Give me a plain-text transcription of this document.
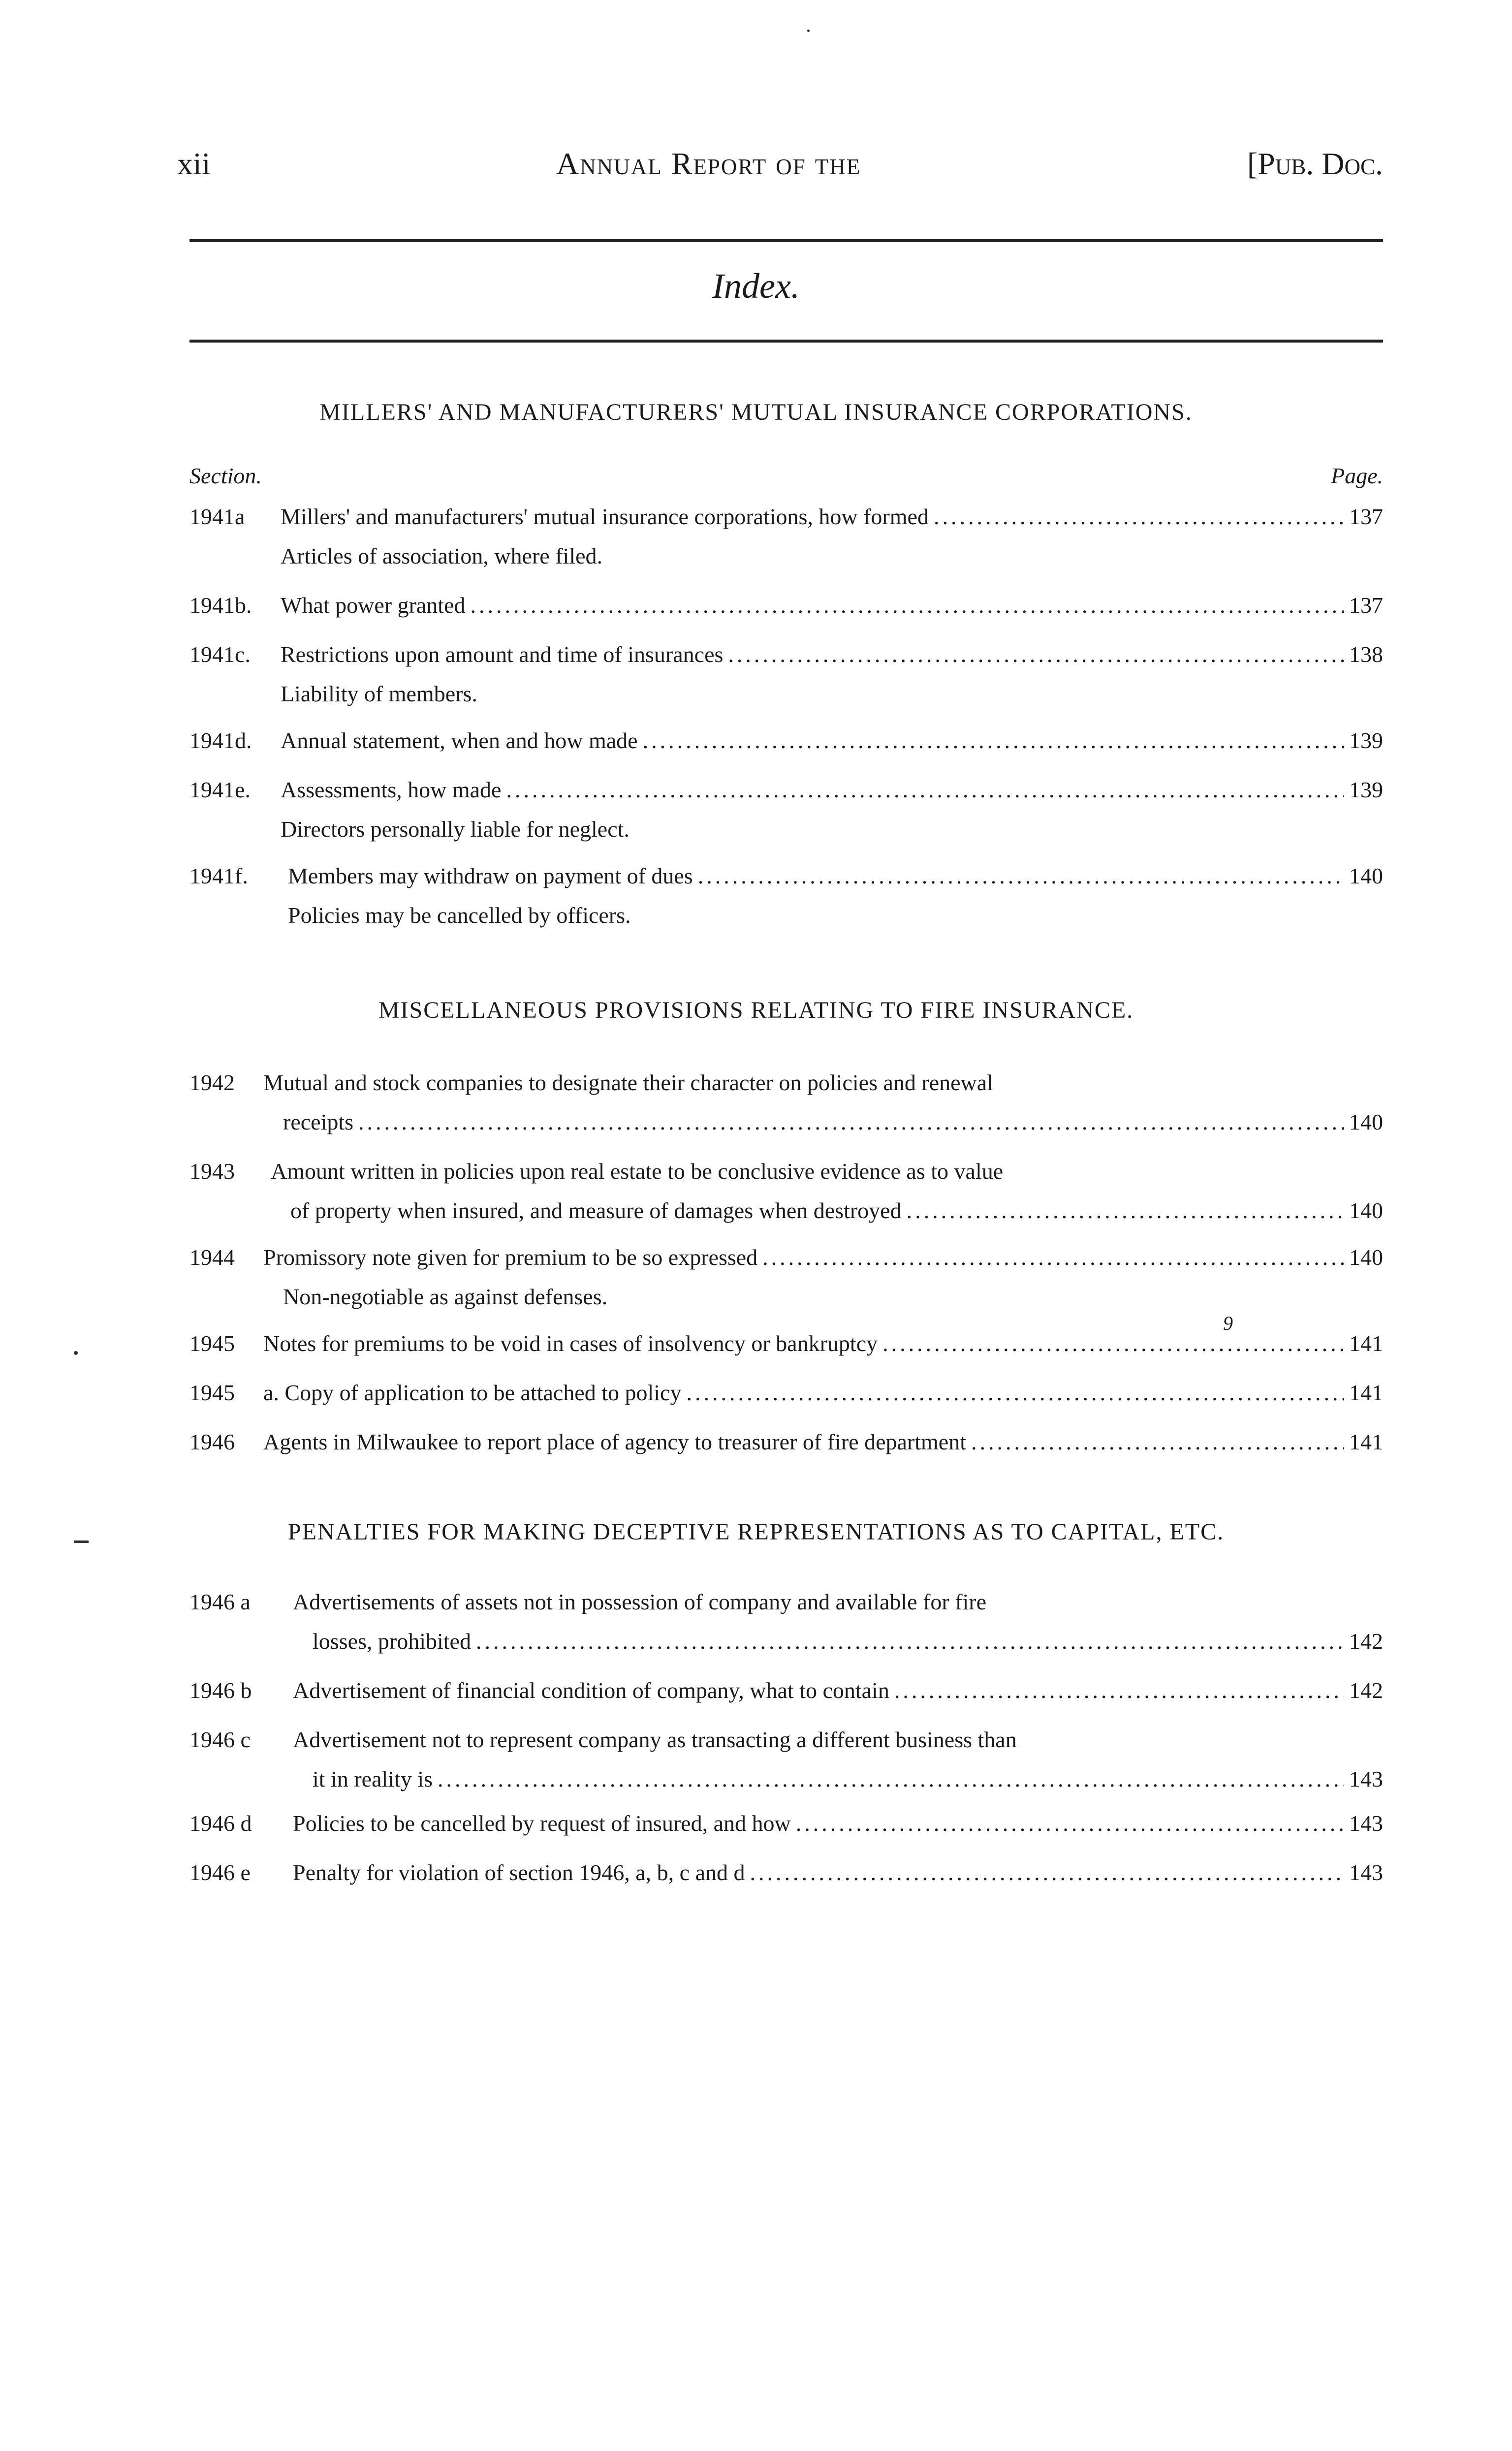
xii	Annual Report of the	[Pub. Doc.
Index.
MILLERS' AND MANUFACTURERS' MUTUAL INSURANCE CORPORATIONS.
Section.	Page.
1941a Millers' and manufacturers' mutual insurance corporations, how formed .....	137
Articles of association, where filed.
1941b. What power granted .....	137
1941c. Restrictions upon amount and time of insurances .....	138
Liability of members.
1941d. Annual statement, when and how made .....	139
1941e. Assessments, how made .....	139
Directors personally liable for neglect.
1941f. Members may withdraw on payment of dues .....	140
Policies may be cancelled by officers.
MISCELLANEOUS PROVISIONS RELATING TO FIRE INSURANCE.
1942 Mutual and stock companies to designate their character on policies and renewal
receipts .....	140
1943 Amount written in policies upon real estate to be conclusive evidence as to value
of property when insured, and measure of damages when destroyed .....	140
1944 Promissory note given for premium to be so expressed .....	140
Non-negotiable as against defenses.
9
1945 Notes for premiums to be void in cases of insolvency or bankruptcy .....	141
1945 a. Copy of application to be attached to policy .....	141
1946 Agents in Milwaukee to report place of agency to treasurer of fire department .....	141
PENALTIES FOR MAKING DECEPTIVE REPRESENTATIONS AS TO CAPITAL, ETC.
1946 a Advertisements of assets not in possession of company and available for fire
losses, prohibited .....	142
1946 b Advertisement of financial condition of company, what to contain .....	142
1946 c Advertisement not to represent company as transacting a different business than
it in reality is .....	143
1946 d Policies to be cancelled by request of insured, and how .....	143
1946 e Penalty for violation of section 1946, a, b, c and d .....	143
